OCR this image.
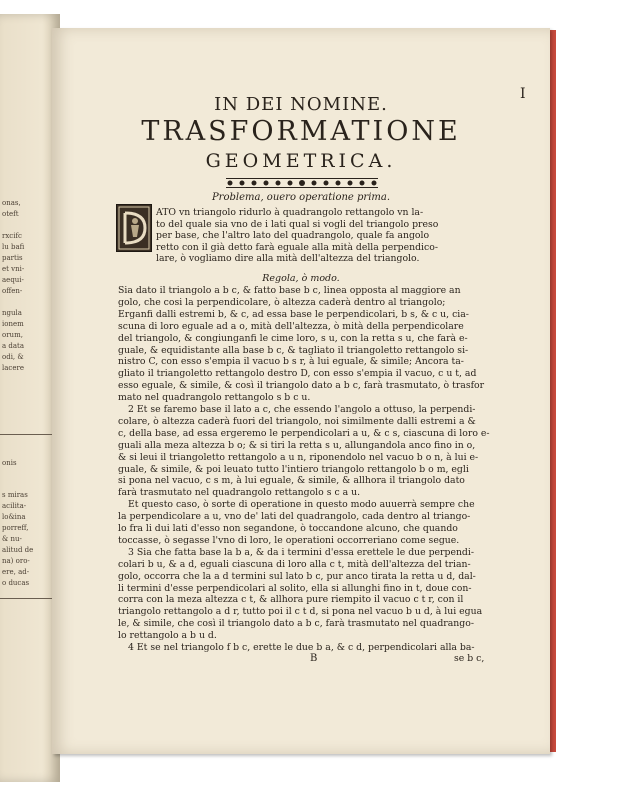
onas,
oteft
rxcifc
lu bafi
partis
et vni-
aequi-
offen-
ngula
ionem
orum,
a data
odi, &
lacere
onis
s miras
acilita-
lo&ina
porreff,
& nu-
alitud de
na) oro-
ere, ad-
o ducas
I
IN DEI NOMINE.
TRASFORMATIONE
GEOMETRICA.
Problema, ouero operatione prima.
ATO vn triangolo ridurlo à quadrangolo rettangolo vn la-
to del quale sia vno de i lati qual si vogli del triangolo preso
per base, che l'altro lato del quadrangolo, quale fa angolo
retto con il già detto farà eguale alla mità della perpendico-
lare, ò vogliamo dire alla mità dell'altezza del triangolo.
Regola, ò modo.
Sia dato il triangolo a b c, & fatto base b c, linea opposta al maggiore an
golo, che cosi la perpendicolare, ò altezza caderà dentro al triangolo;
Erganfi dalli estremi b, & c, ad essa base le perpendicolari, b s, & c u, cia-
scuna di loro eguale ad a o, mità dell'altezza, ò mità della perpendicolare
del triangolo, & congiunganfi le cime loro, s u, con la retta s u, che farà e-
guale, & equidistante alla base b c, & tagliato il triangoletto rettangolo si-
nistro C, con esso s'empia il vacuo b s r, à lui eguale, & simile; Ancora ta-
gliato il triangoletto rettangolo destro D, con esso s'empia il vacuo, c u t, ad
esso eguale, & simile, & così il triangolo dato a b c, farà trasmutato, ò trasfor
mato nel quadrangolo rettangolo s b c u.
2 Et se faremo base il lato a c, che essendo l'angolo a ottuso, la perpendi-
colare, ò altezza caderà fuori del triangolo, noi similmente dalli estremi a &
c, della base, ad essa ergeremo le perpendicolari a u, & c s, ciascuna di loro e-
guali alla meza altezza b o; & si tiri la retta s u, allungandola anco fino in o,
& si leui il triangoletto rettangolo a u n, riponendolo nel vacuo b o n, à lui e-
guale, & simile, & poi leuato tutto l'intiero triangolo rettangolo b o m, egli
si pona nel vacuo, c s m, à lui eguale, & simile, & allhora il triangolo dato
farà trasmutato nel quadrangolo rettangolo s c a u.
Et questo caso, ò sorte di operatione in questo modo auuerrà sempre che
la perpendicolare a u, vno de' lati del quadrangolo, cada dentro al triango-
lo fra li dui lati d'esso non segandone, ò toccandone alcuno, che quando
toccasse, ò segasse l'vno di loro, le operationi occorreriano come segue.
3 Sia che fatta base la b a, & da i termini d'essa erettele le due perpendi-
colari b u, & a d, eguali ciascuna di loro alla c t, mità dell'altezza del trian-
golo, occorra che la a d termini sul lato b c, pur anco tirata la retta u d, dal-
li termini d'esse perpendicolari al solito, ella si allunghi fino in t, doue con-
corra con la meza altezza c t, & allhora pure riempito il vacuo c t r, con il
triangolo rettangolo a d r, tutto poi il c t d, si pona nel vacuo b u d, à lui egua
le, & simile, che così il triangolo dato a b c, farà trasmutato nel quadrango-
lo rettangolo a b u d.
4 Et se nel triangolo f b c, erette le due b a, & c d, perpendicolari alla ba-
B	se b c,
